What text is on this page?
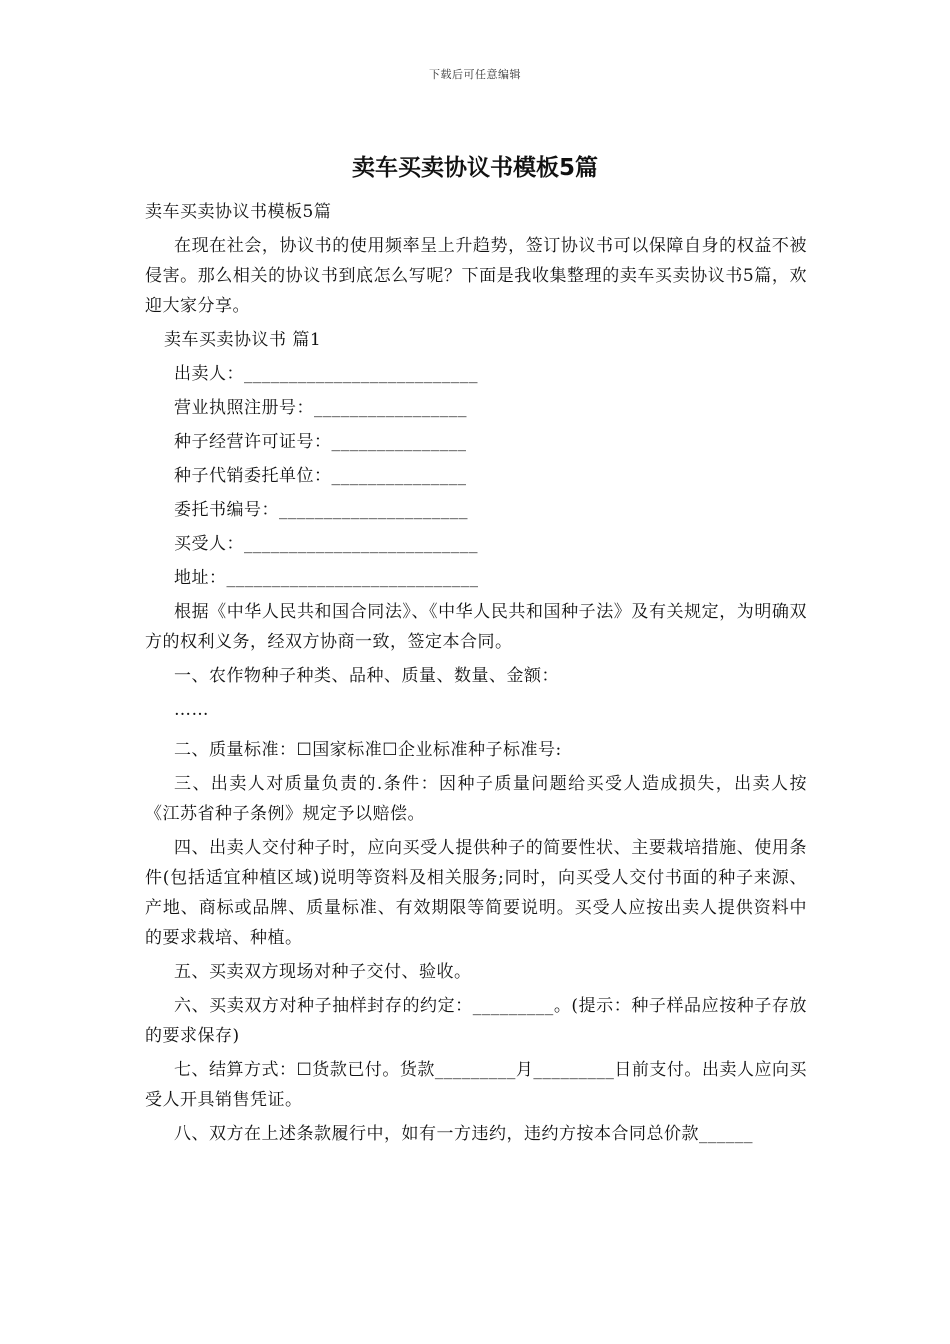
下载后可任意编辑
卖车买卖协议书模板5篇

卖车买卖协议书模板5篇

在现在社会，协议书的使用频率呈上升趋势，签订协议书可以保障自身的权益不被侵害。那么相关的协议书到底怎么写呢？下面是我收集整理的卖车买卖协议书5篇，欢迎大家分享。

卖车买卖协议书 篇1

出卖人：__________________________

营业执照注册号：_________________

种子经营许可证号：_______________

种子代销委托单位：_______________

委托书编号：_____________________

买受人：__________________________

地址：____________________________

根据《中华人民共和国合同法》、《中华人民共和国种子法》及有关规定，为明确双方的权利义务，经双方协商一致，签定本合同。

一、农作物种子种类、品种、质量、数量、金额：

……

二、质量标准：☐国家标准☐企业标准种子标准号:

三、出卖人对质量负责的.条件：因种子质量问题给买受人造成损失，出卖人按《江苏省种子条例》规定予以赔偿。

四、出卖人交付种子时，应向买受人提供种子的简要性状、主要栽培措施、使用条件(包括适宜种植区域)说明等资料及相关服务;同时，向买受人交付书面的种子来源、产地、商标或品牌、质量标准、有效期限等简要说明。买受人应按出卖人提供资料中的要求栽培、种植。

五、买卖双方现场对种子交付、验收。

六、买卖双方对种子抽样封存的约定：_________。(提示：种子样品应按种子存放的要求保存)

七、结算方式：☐货款已付。货款_________月_________日前支付。出卖人应向买受人开具销售凭证。

八、双方在上述条款履行中，如有一方违约，违约方按本合同总价款______
